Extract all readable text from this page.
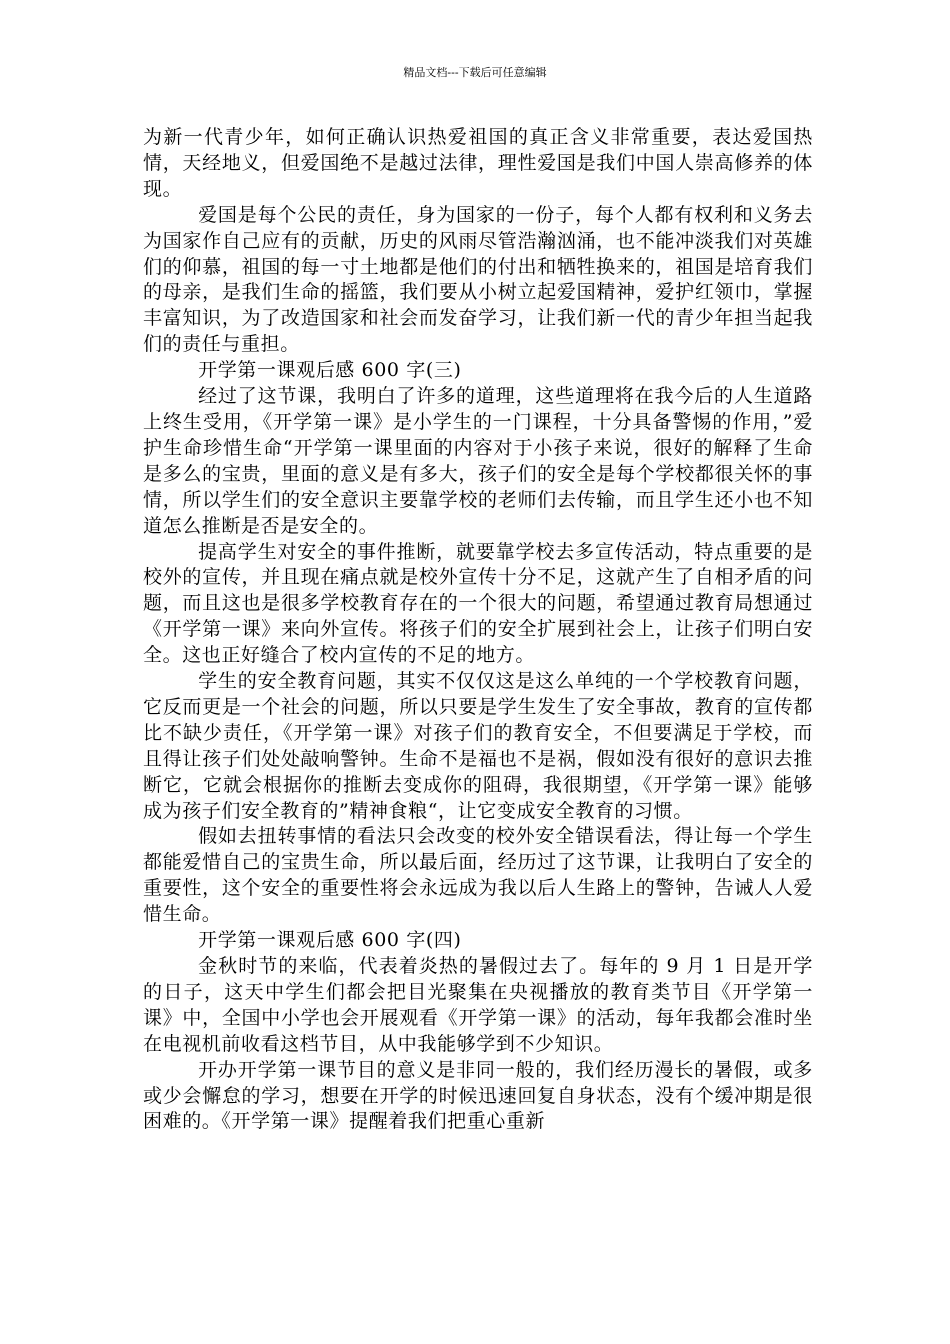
精品文档---下载后可任意编辑

为新一代青少年，如何正确认识热爱祖国的真正含义非常重要，表达爱国热情，天经地义，但爱国绝不是越过法律，理性爱国是我们中国人崇高修养的体现。

爱国是每个公民的责任，身为国家的一份子，每个人都有权利和义务去为国家作自己应有的贡献，历史的风雨尽管浩瀚汹涌，也不能冲淡我们对英雄们的仰慕，祖国的每一寸土地都是他们的付出和牺牲换来的，祖国是培育我们的母亲，是我们生命的摇篮，我们要从小树立起爱国精神，爱护红领巾，掌握丰富知识，为了改造国家和社会而发奋学习，让我们新一代的青少年担当起我们的责任与重担。

开学第一课观后感 600 字(三)

经过了这节课，我明白了许多的道理，这些道理将在我今后的人生道路上终生受用，《开学第一课》是小学生的一门课程，十分具备警惕的作用，”爱护生命珍惜生命“开学第一课里面的内容对于小孩子来说，很好的解释了生命是多么的宝贵，里面的意义是有多大，孩子们的安全是每个学校都很关怀的事情，所以学生们的安全意识主要靠学校的老师们去传输，而且学生还小也不知道怎么推断是否是安全的。

提高学生对安全的事件推断，就要靠学校去多宣传活动，特点重要的是校外的宣传，并且现在痛点就是校外宣传十分不足，这就产生了自相矛盾的问题，而且这也是很多学校教育存在的一个很大的问题，希望通过教育局想通过《开学第一课》来向外宣传。将孩子们的安全扩展到社会上，让孩子们明白安全。这也正好缝合了校内宣传的不足的地方。

学生的安全教育问题，其实不仅仅这是这么单纯的一个学校教育问题，它反而更是一个社会的问题，所以只要是学生发生了安全事故，教育的宣传都比不缺少责任，《开学第一课》对孩子们的教育安全，不但要满足于学校，而且得让孩子们处处敲响警钟。生命不是福也不是祸，假如没有很好的意识去推断它，它就会根据你的推断去变成你的阻碍，我很期望，《开学第一课》能够成为孩子们安全教育的”精神食粮“，让它变成安全教育的习惯。

假如去扭转事情的看法只会改变的校外安全错误看法，得让每一个学生都能爱惜自己的宝贵生命，所以最后面，经历过了这节课，让我明白了安全的重要性，这个安全的重要性将会永远成为我以后人生路上的警钟，告诫人人爱惜生命。

开学第一课观后感 600 字(四)

金秋时节的来临，代表着炎热的暑假过去了。每年的 9 月 1 日是开学的日子，这天中学生们都会把目光聚集在央视播放的教育类节目《开学第一课》中，全国中小学也会开展观看《开学第一课》的活动，每年我都会准时坐在电视机前收看这档节目，从中我能够学到不少知识。

开办开学第一课节目的意义是非同一般的，我们经历漫长的暑假，或多或少会懈怠的学习，想要在开学的时候迅速回复自身状态，没有个缓冲期是很困难的。《开学第一课》提醒着我们把重心重新
